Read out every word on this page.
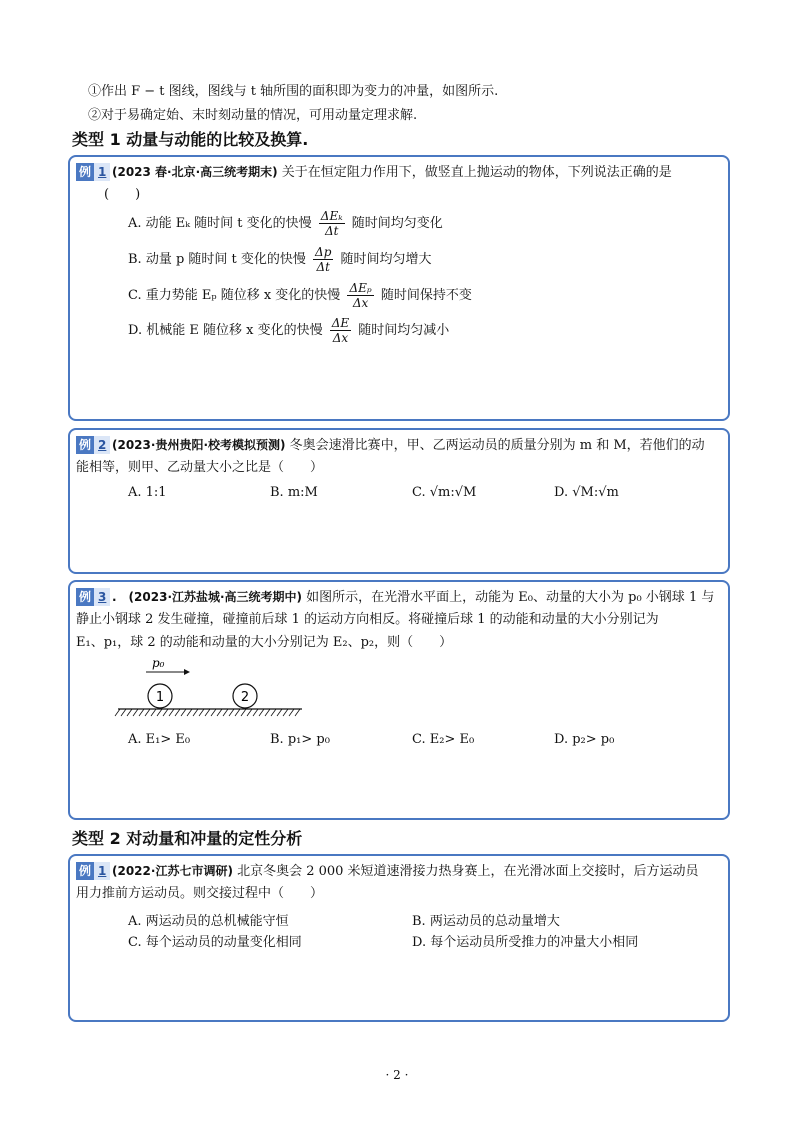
①作出 F − t 图线，图线与 t 轴所围的面积即为变力的冲量，如图所示.
②对于易确定始、末时刻动量的情况，可用动量定理求解.
类型 1 动量与动能的比较及换算.
例 1 (2023 春·北京·高三统考期末) 关于在恒定阻力作用下，做竖直上抛运动的物体，下列说法正确的是
(　　)
A. 动能 Eₖ 随时间 t 变化的快慢 $\frac{\text{ΔEₖ}}{\Delta t}$ 随时间均匀变化
B. 动量 p 随时间 t 变化的快慢 $\frac{\Delta p}{\Delta t}$ 随时间均匀增大
C. 重力势能 Eₚ 随位移 x 变化的快慢 $\frac{\text{ΔEₚ}}{\Delta x}$ 随时间保持不变
D. 机械能 E 随位移 x 变化的快慢 $\frac{\Delta E}{\Delta x}$ 随时间均匀减小
例 2 (2023·贵州贵阳·校考模拟预测) 冬奥会速滑比赛中，甲、乙两运动员的质量分别为 m 和 M，若他们的动
能相等，则甲、乙动量大小之比是（　　）
A. 1:1	B. m:M	C. √m:√M	D. √M:√m
例 3 .　(2023·江苏盐城·高三统考期中) 如图所示，在光滑水平面上，动能为 E₀、动量的大小为 p₀ 小钢球 1 与
静止小钢球 2 发生碰撞，碰撞前后球 1 的运动方向相反。将碰撞后球 1 的动能和动量的大小分别记为
E₁、p₁，球 2 的动能和动量的大小分别记为 E₂、p₂，则（　　）
p₀
1	2
A. E₁> E₀	B. p₁> p₀	C. E₂> E₀	D. p₂> p₀
类型 2 对动量和冲量的定性分析
例 1 (2022·江苏七市调研) 北京冬奥会 2 000 米短道速滑接力热身赛上，在光滑冰面上交接时，后方运动员
用力推前方运动员。则交接过程中（　　）
A. 两运动员的总机械能守恒	B. 两运动员的总动量增大
C. 每个运动员的动量变化相同	D. 每个运动员所受推力的冲量大小相同
· 2 ·
